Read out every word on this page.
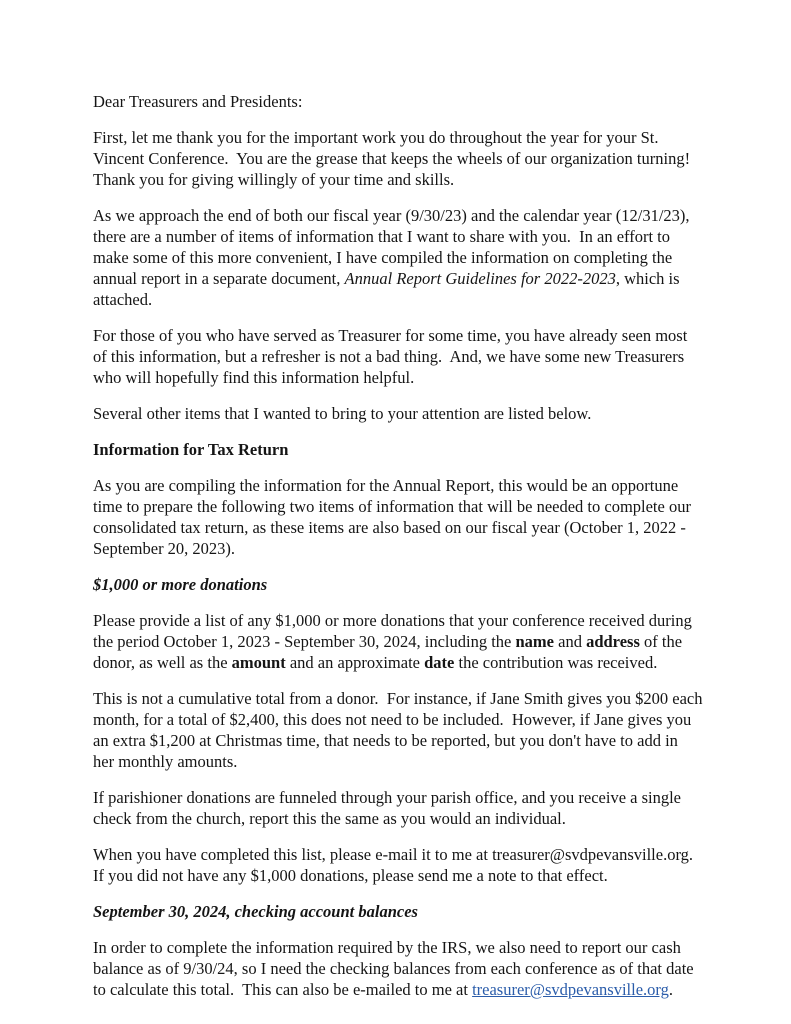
Dear Treasurers and Presidents:

First, let me thank you for the important work you do throughout the year for your St. Vincent Conference.  You are the grease that keeps the wheels of our organization turning!  Thank you for giving willingly of your time and skills.

As we approach the end of both our fiscal year (9/30/23) and the calendar year (12/31/23), there are a number of items of information that I want to share with you.  In an effort to make some of this more convenient, I have compiled the information on completing the annual report in a separate document, Annual Report Guidelines for 2022-2023, which is attached.

For those of you who have served as Treasurer for some time, you have already seen most of this information, but a refresher is not a bad thing.  And, we have some new Treasurers who will hopefully find this information helpful.

Several other items that I wanted to bring to your attention are listed below.

Information for Tax Return

As you are compiling the information for the Annual Report, this would be an opportune time to prepare the following two items of information that will be needed to complete our consolidated tax return, as these items are also based on our fiscal year (October 1, 2022 - September 20, 2023).

$1,000 or more donations

Please provide a list of any $1,000 or more donations that your conference received during the period October 1, 2023 - September 30, 2024, including the name and address of the donor, as well as the amount and an approximate date the contribution was received.

This is not a cumulative total from a donor.  For instance, if Jane Smith gives you $200 each month, for a total of $2,400, this does not need to be included.  However, if Jane gives you an extra $1,200 at Christmas time, that needs to be reported, but you don't have to add in her monthly amounts.

If parishioner donations are funneled through your parish office, and you receive a single check from the church, report this the same as you would an individual.

When you have completed this list, please e-mail it to me at treasurer@svdpevansville.org.  If you did not have any $1,000 donations, please send me a note to that effect.

September 30, 2024, checking account balances

In order to complete the information required by the IRS, we also need to report our cash balance as of 9/30/24, so I need the checking balances from each conference as of that date to calculate this total.  This can also be e-mailed to me at treasurer@svdpevansville.org.
